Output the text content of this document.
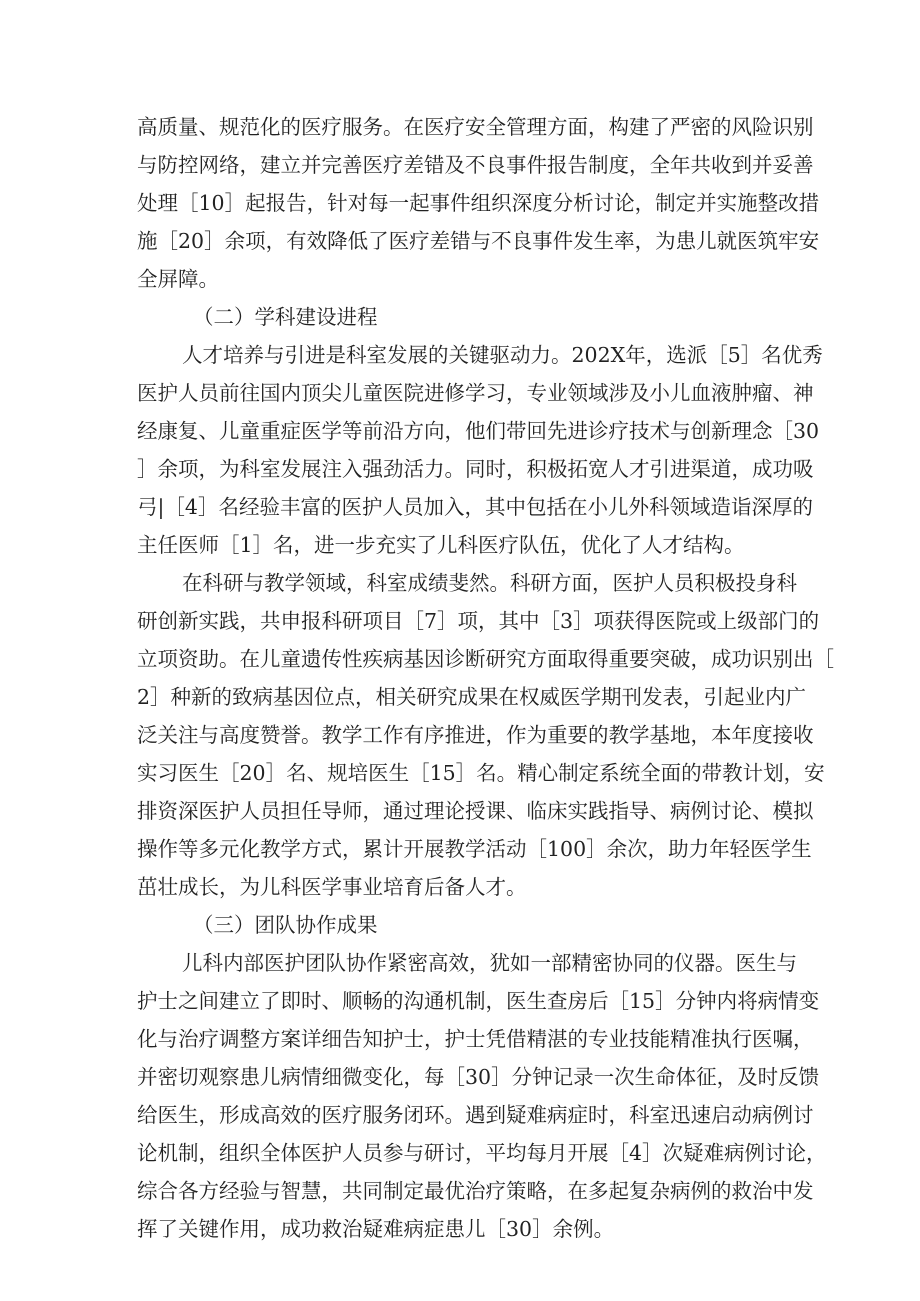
高质量、规范化的医疗服务。在医疗安全管理方面，构建了严密的风险识别
与防控网络，建立并完善医疗差错及不良事件报告制度，全年共收到并妥善
处理［10］起报告，针对每一起事件组织深度分析讨论，制定并实施整改措
施［20］余项，有效降低了医疗差错与不良事件发生率，为患儿就医筑牢安
全屏障。
（二）学科建设进程
人才培养与引进是科室发展的关键驱动力。202X年，选派［5］名优秀
医护人员前往国内顶尖儿童医院进修学习，专业领域涉及小儿血液肿瘤、神
经康复、儿童重症医学等前沿方向，他们带回先进诊疗技术与创新理念［30
］余项，为科室发展注入强劲活力。同时，积极拓宽人才引进渠道，成功吸
弓|［4］名经验丰富的医护人员加入，其中包括在小儿外科领域造诣深厚的
主任医师［1］名，进一步充实了儿科医疗队伍，优化了人才结构。
在科研与教学领域，科室成绩斐然。科研方面，医护人员积极投身科
研创新实践，共申报科研项目［7］项，其中［3］项获得医院或上级部门的
立项资助。在儿童遗传性疾病基因诊断研究方面取得重要突破，成功识别出［
2］种新的致病基因位点，相关研究成果在权威医学期刊发表，引起业内广
泛关注与高度赞誉。教学工作有序推进，作为重要的教学基地，本年度接收
实习医生［20］名、规培医生［15］名。精心制定系统全面的带教计划，安
排资深医护人员担任导师，通过理论授课、临床实践指导、病例讨论、模拟
操作等多元化教学方式，累计开展教学活动［100］余次，助力年轻医学生
茁壮成长，为儿科医学事业培育后备人才。
（三）团队协作成果
儿科内部医护团队协作紧密高效，犹如一部精密协同的仪器。医生与
护士之间建立了即时、顺畅的沟通机制，医生查房后［15］分钟内将病情变
化与治疗调整方案详细告知护士，护士凭借精湛的专业技能精准执行医嘱，
并密切观察患儿病情细微变化，每［30］分钟记录一次生命体征，及时反馈
给医生，形成高效的医疗服务闭环。遇到疑难病症时，科室迅速启动病例讨
论机制，组织全体医护人员参与研讨，平均每月开展［4］次疑难病例讨论，
综合各方经验与智慧，共同制定最优治疗策略，在多起复杂病例的救治中发
挥了关键作用，成功救治疑难病症患儿［30］余例。
